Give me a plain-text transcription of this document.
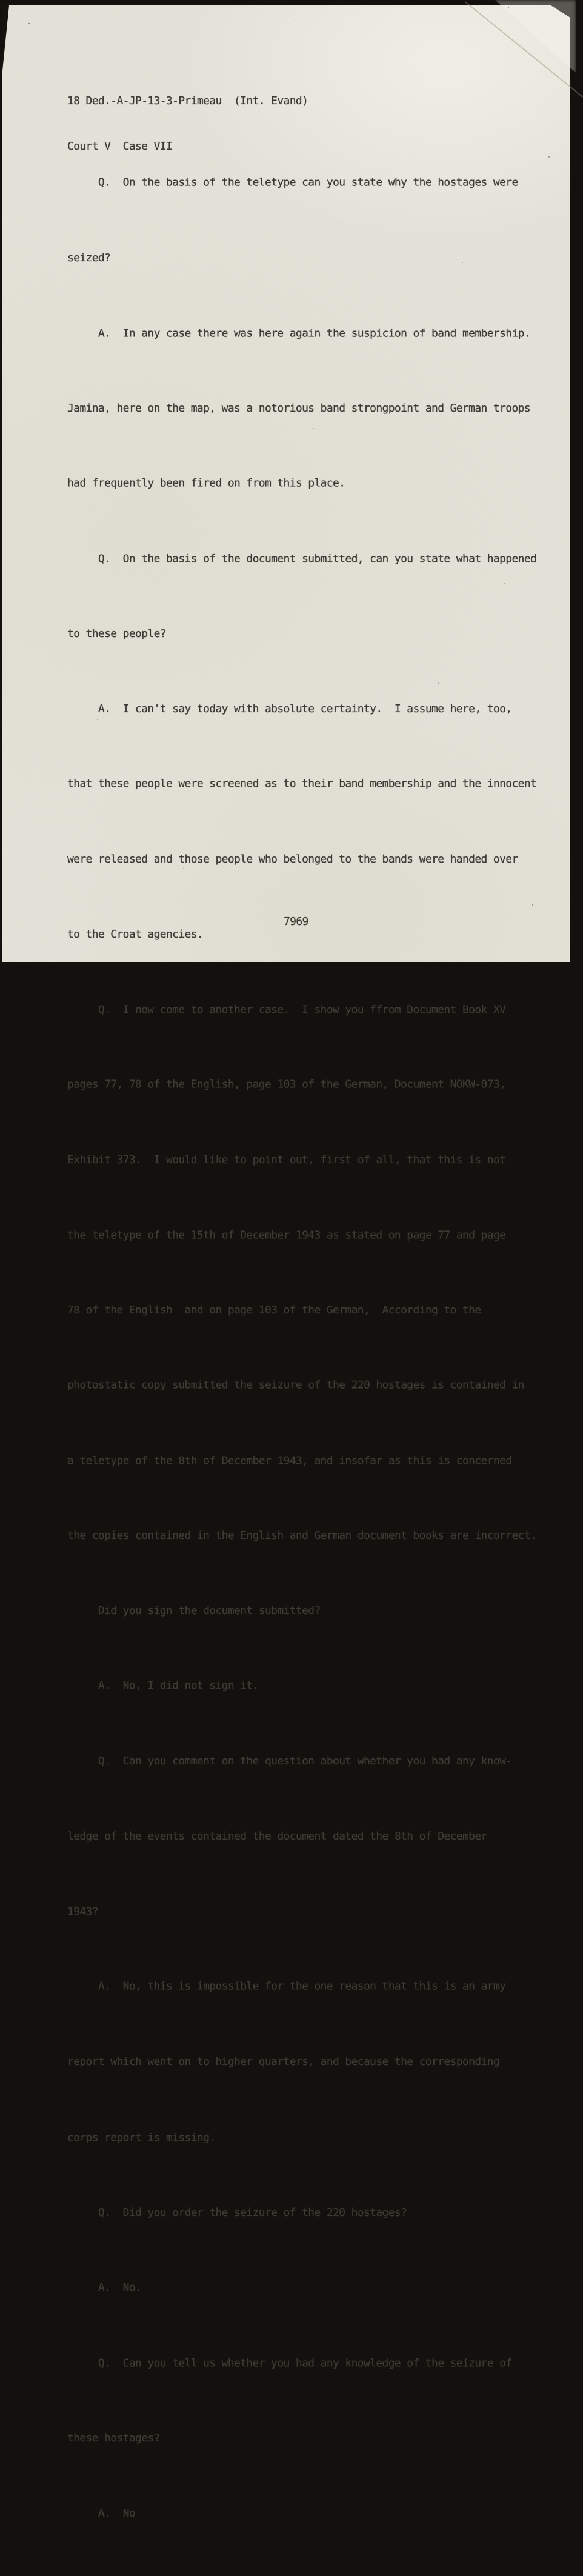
18 Ded.-A-JP-13-3-Primeau  (Int. Evand)

Court V  Case VII

Q.  On the basis of the teletype can you state why the hostages were

seized?

A.  In any case there was here again the suspicion of band membership.

Jamina, here on the map, was a notorious band strongpoint and German troops

had frequently been fired on from this place.

Q.  On the basis of the document submitted, can you state what happened

to these people?

A.  I can't say today with absolute certainty.  I assume here, too,

that these people were screened as to their band membership and the innocent

were released and those people who belonged to the bands were handed over

to the Croat agencies.

Q.  I now come to another case.  I show you ffrom Document Book XV

pages 77, 78 of the English, page 103 of the German, Document NOKW-073,

Exhibit 373.  I would like to point out, first of all, that this is not

the teletype of the 15th of December 1943 as stated on page 77 and page

78 of the English  and on page 103 of the German,  According to the

photostatic copy submitted the seizure of the 220 hostages is contained in

a teletype of the 8th of December 1943, and insofar as this is concerned

the copies contained in the English and German document books are incorrect.

Did you sign the document submitted?

A.  No, I did not sign it.

Q.  Can you comment on the question about whether you had any know-

ledge of the events contained the document dated the 8th of December

1943?

A.  No, this is impossible for the one reason that this is an army

report which went on to higher quarters, and because the corresponding

corps report is missing.

Q.  Did you order the seizure of the 220 hostages?

A.  No.

Q.  Can you tell us whether you had any knowledge of the seizure of

these hostages?

A.  No

7969
